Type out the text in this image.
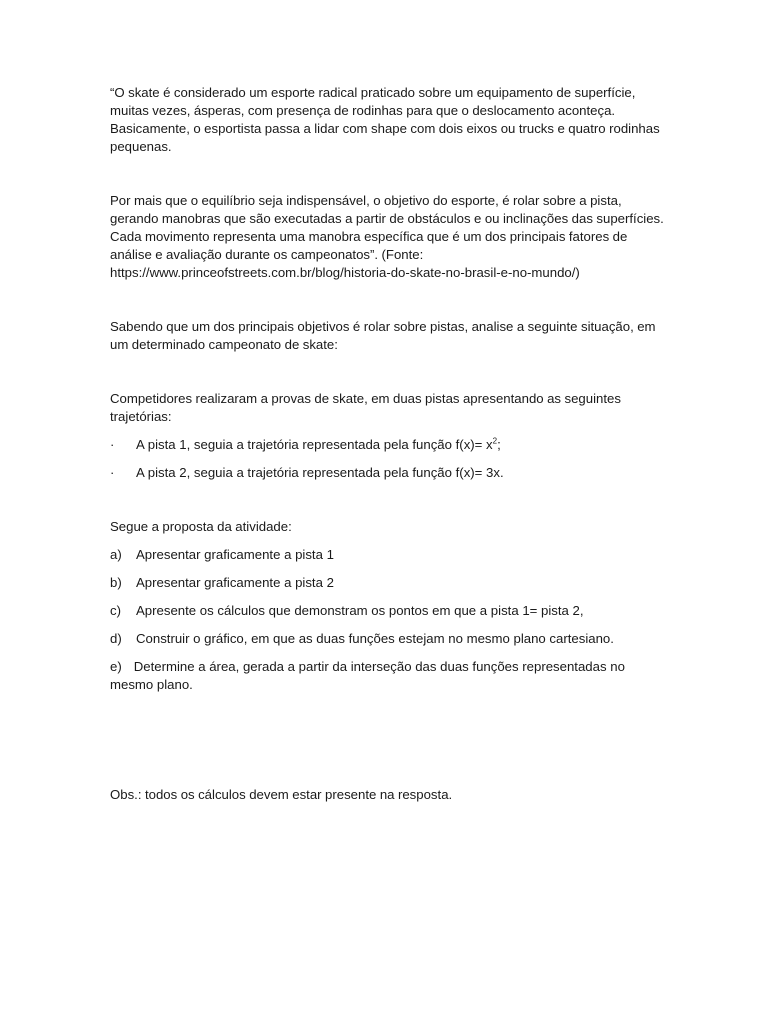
“O skate é considerado um esporte radical praticado sobre um equipamento de superfície, muitas vezes, ásperas, com presença de rodinhas para que o deslocamento aconteça. Basicamente, o esportista passa a lidar com shape com dois eixos ou trucks e quatro rodinhas pequenas.

Por mais que o equilíbrio seja indispensável, o objetivo do esporte, é rolar sobre a pista, gerando manobras que são executadas a partir de obstáculos e ou inclinações das superfícies. Cada movimento representa uma manobra específica que é um dos principais fatores de análise e avaliação durante os campeonatos”. (Fonte: https://www.princeofstreets.com.br/blog/historia-do-skate-no-brasil-e-no-mundo/)

Sabendo que um dos principais objetivos é rolar sobre pistas, analise a seguinte situação, em um determinado campeonato de skate:

Competidores realizaram a provas de skate, em duas pistas apresentando as seguintes trajetórias:

· A pista 1, seguia a trajetória representada pela função $f(x)= x^2$;
· A pista 2, seguia a trajetória representada pela função f(x)= 3x.

Segue a proposta da atividade:

a) Apresentar graficamente a pista 1
b) Apresentar graficamente a pista 2
c) Apresente os cálculos que demonstram os pontos em que a pista 1= pista 2,
d) Construir o gráfico, em que as duas funções estejam no mesmo plano cartesiano.
e) Determine a área, gerada a partir da interseção das duas funções representadas no mesmo plano.

Obs.: todos os cálculos devem estar presente na resposta.
